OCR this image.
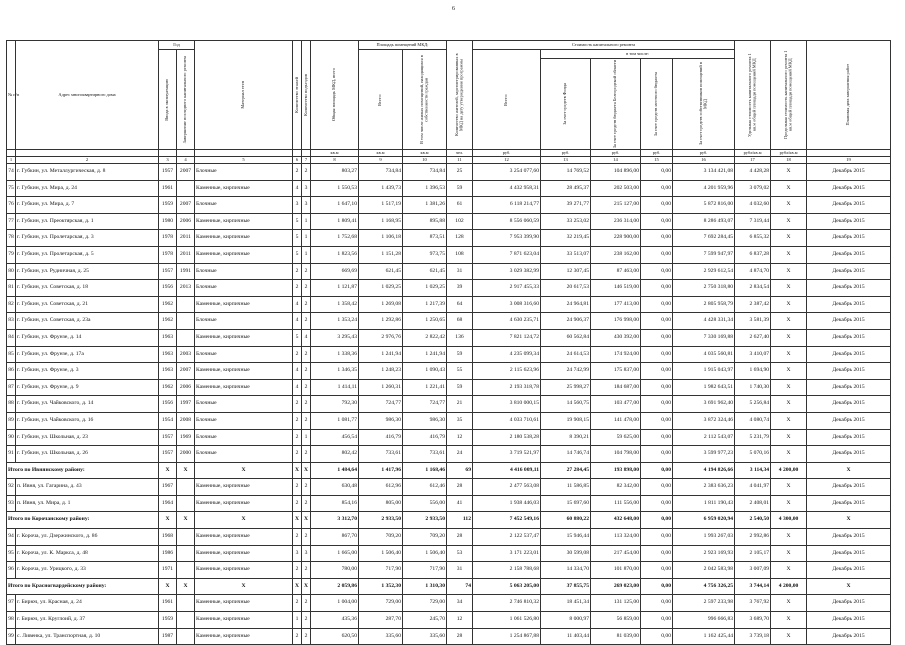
6
№ п/п	Адрес многоквартирного дома	Год		Материал стен	Количество этажей	Количество подъездов	Общая площадь МКД, всего	Площадь помещений МКД:		Количество жителей, зарегистрированных в МКД на дату утверждения программы	Стоимость капитального ремонта					Удельная стоимость капитального ремонта 1 кв.м общей площади помещений МКД	Предельная стоимость капитального ремонта 1 кв.м общей площади помещений МКД	Плановая дата завершения работ

		Ввода в эксплуатацию	Завершение последнего капитального ремонта					Всего:	В том числе жилых помещений, находящихся в собственности граждан		Всего:	в том числе:						

												За счет средств Фонда	За счет средств бюджета Белгородской области	За счет средств местного бюджета	За счет средств собственников помещений в МКД			

							кв.м	кв.м	кв.м	чел.	руб.	руб.	руб.	руб.	руб.	рубл/кв.м	рубл/кв.м	
1	2	3	4	5	6	7	8	9	10	11	12	13	14	15	16	17	18	19
74	г. Губкин, ул. Металлургическая, д. 8	1957	2007	Блочные	2	2	803,27	734,84	734,84	25	3 254 077,60	14 769,52	104 896,00	0,00	3 134 421,08	4 428,28	X	Декабрь 2015
75	г. Губкин, ул. Мира, д. 24	1961		Каменные, кирпичные	4	3	1 550,53	1 439,73	1 396,53	59	4 432 958,31	28 495,37	202 503,00	0,00	4 201 959,96	3 079,02	X	Декабрь 2015
76	г. Губкин, ул. Мира, д. 7	1959	2007	Блочные	3	3	1 647,10	1 517,19	1 381,26	61	6 118 214,77	39 271,77	215 127,00	0,00	5 872 816,00	4 032,60	X	Декабрь 2015
77	г. Губкин, ул. Преоктярская, д. 1	1980	2006	Каменные, кирпичные	5	1	1 809,41	1 168,95	895,88	102	8 556 060,59	33 253,02	236 314,00	0,00	8 286 493,07	7 319,44	X	Декабрь 2015
78	г. Губкин, ул. Пролетарская, д. 3	1978	2011	Каменные, кирпичные	5	1	1 752,68	1 106,18	873,51	128	7 953 399,90	32 219,45	228 900,00	0,00	7 692 284,45	6 855,32	X	Декабрь 2015
79	г. Губкин, ул. Пролетарская, д. 5	1978	2011	Каменные, кирпичные	5	1	1 823,56	1 151,28	973,75	108	7 871 623,04	33 513,07	238 162,00	0,00	7 599 947,97	6 837,28	X	Декабрь 2015
80	г. Губкин, ул. Рудничная, д. 25	1957	1991	Блочные	2	2	669,69	621,45	621,45	31	3 029 382,99	12 307,45	87 463,00	0,00	2 929 612,54	4 874,70	X	Декабрь 2015
81	г. Губкин, ул. Советская, д. 18	1956	2013	Блочные	2	2	1 121,87	1 029,25	1 029,25	39	2 917 455,33	20 617,53	146 519,00	0,00	2 750 318,80	2 834,54	X	Декабрь 2015
82	г. Губкин, ул. Советская, д. 21	1962		Каменные, кирпичные	4	2	1 358,42	1 269,08	1 217,39	64	3 008 316,60	24 964,81	177 413,00	0,00	2 805 958,79	2 387,42	X	Декабрь 2015
83	г. Губкин, ул. Советская, д. 23а	1962		Блочные	4	2	1 353,24	1 292,86	1 250,65	68	4 630 235,71	24 906,37	176 998,00	0,00	4 428 331,34	3 581,39	X	Декабрь 2015
84	г. Губкин, ул. Фрунзе, д. 14	1963		Каменные, кирпичные	5	4	3 295,43	2 976,76	2 822,42	136	7 821 124,72	60 562,84	430 392,00	0,00	7 330 169,88	2 627,40	X	Декабрь 2015
85	г. Губкин, ул. Фрунзе, д. 17а	1963	2003	Блочные	2	2	1 338,36	1 241,94	1 241,94	59	4 235 099,34	24 614,53	174 924,00	0,00	4 035 560,81	3 410,07	X	Декабрь 2015
86	г. Губкин, ул. Фрунзе, д. 3	1963	2007	Каменные, кирпичные	4	2	1 346,35	1 248,23	1 090,43	55	2 115 623,96	24 742,99	175 837,00	0,00	1 915 043,97	1 694,90	X	Декабрь 2015
87	г. Губкин, ул. Фрунзе, д. 9	1962	2006	Каменные, кирпичные	4	2	1 414,11	1 260,31	1 221,41	59	2 193 318,78	25 998,27	184 687,00	0,00	1 982 643,51	1 740,30	X	Декабрь 2015
88	г. Губкин, ул. Чайковского, д. 14	1956	1997	Блочные	2	2	792,30	724,77	724,77	21	3 810 000,15	14 560,75	103 477,00	0,00	3 691 962,40	5 256,84	X	Декабрь 2015
89	г. Губкин, ул. Чайковского, д. 16	1954	2008	Блочные	2	2	1 081,77	986,30	986,30	35	4 033 710,61	19 908,15	141 478,00	0,00	3 872 324,46	4 080,74	X	Декабрь 2015
90	г. Губкин, ул. Школьная, д. 23	1957	1969	Блочные	2	1	456,54	416,79	416,79	12	2 180 538,28	8 390,21	59 625,00	0,00	2 112 543,07	5 231,79	X	Декабрь 2015
91	г. Губкин, ул. Школьная, д. 26	1957	2000	Блочные	2	2	802,42	733,61	733,61	24	3 719 521,97	14 746,74	104 798,00	0,00	3 599 977,23	5 070,16	X	Декабрь 2015
Итого по Ивнянскому району:		X	X	X	X	X	1 484,64	1 417,96	1 168,46	69	4 416 009,11	27 284,45	193 898,00	0,00	4 194 826,66	3 114,34	4 200,00	X
92	п. Ивня, ул. Гагарина, д. 43	1967		Каменные, кирпичные	2	2	630,48	612,96	612,46	28	2 477 563,08	11 586,85	82 342,00	0,00	2 383 636,23	4 041,97	X	Декабрь 2015
93	п. Ивня, ул. Мира, д. 1	1964		Каменные, кирпичные	2	2	854,16	805,00	556,00	41	1 938 446,03	15 697,60	111 556,00	0,00	1 811 190,43	2 408,01	X	Декабрь 2015
Итого по Корочанскому району:		X	X	X	X	X	3 312,70	2 933,50	2 933,50	112	7 452 549,16	60 880,22	432 648,00	0,00	6 959 020,94	2 540,50	4 300,00	X
94	г. Короча, ул. Дзержинского, д. 86	1968		Каменные, кирпичные	2	2	867,70	709,20	709,20	28	2 122 537,47	15 946,44	113 324,00	0,00	1 993 267,03	2 992,86	X	Декабрь 2015
95	г. Короча, ул. К. Маркса, д. 48	1986		Каменные, кирпичные	3	3	1 665,00	1 506,40	1 506,40	53	3 171 223,01	30 599,08	217 454,00	0,00	2 923 169,93	2 105,17	X	Декабрь 2015
96	г. Короча, ул. Урицкого, д. 33	1971		Каменные, кирпичные	2	2	780,00	717,90	717,90	31	2 158 788,68	14 334,70	101 870,00	0,00	2 042 583,98	3 007,09	X	Декабрь 2015
Итого по Красногвардейскому району:		X	X	X	X	X	2 059,86	1 352,30	1 310,30	74	5 063 205,00	37 855,75	269 023,00	0,00	4 756 326,25	3 744,14	4 200,00	X
97	г. Бирюч, ул. Красная, д. 24	1961		Каменные, кирпичные	2	2	1 004,00	729,00	729,00	34	2 746 810,32	18 451,34	131 125,00	0,00	2 597 233,98	3 767,92	X	Декабрь 2015
98	г. Бирюч, ул. Круглоий, д. 37	1959		Каменные, кирпичные	1	2	435,36	287,70	245,70	12	1 061 526,80	8 000,97	56 859,00	0,00	996 666,83	3 689,70	X	Декабрь 2015
99	с. Ливенка, ул. Транспортная, д. 10	1987		Каменные, кирпичные	2	2	620,50	335,60	335,60	28	1 254 867,88	11 403,44	81 039,00	0,00	1 162 425,44	3 739,18	X	Декабрь 2015
